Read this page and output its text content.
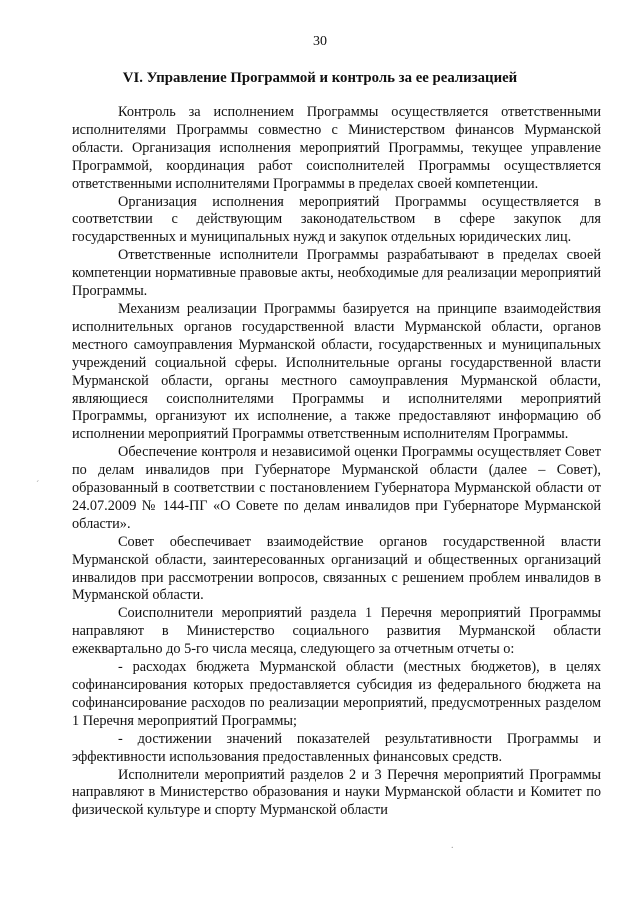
30
VI. Управление Программой и контроль за ее реализацией

Контроль за исполнением Программы осуществляется ответственными исполнителями Программы совместно с Министерством финансов Мурманской области. Организация исполнения мероприятий Программы, текущее управление Программой, координация работ соисполнителей Программы осуществляется ответственными исполнителями Программы в пределах своей компетенции.

Организация исполнения мероприятий Программы осуществляется в соответствии с действующим законодательством в сфере закупок для государственных и муниципальных нужд и закупок отдельных юридических лиц.

Ответственные исполнители Программы разрабатывают в пределах своей компетенции нормативные правовые акты, необходимые для реализации мероприятий Программы.

Механизм реализации Программы базируется на принципе взаимодействия исполнительных органов государственной власти Мурманской области, органов местного самоуправления Мурманской области, государственных и муниципальных учреждений социальной сферы. Исполнительные органы государственной власти Мурманской области, органы местного самоуправления Мурманской области, являющиеся соисполнителями Программы и исполнителями мероприятий Программы, организуют их исполнение, а также предоставляют информацию об исполнении мероприятий Программы ответственным исполнителям Программы.

Обеспечение контроля и независимой оценки Программы осуществляет Совет по делам инвалидов при Губернаторе Мурманской области (далее – Совет), образованный в соответствии с постановлением Губернатора Мурманской области от 24.07.2009 № 144-ПГ «О Совете по делам инвалидов при Губернаторе Мурманской области».

Совет обеспечивает взаимодействие органов государственной власти Мурманской области, заинтересованных организаций и общественных организаций инвалидов при рассмотрении вопросов, связанных с решением проблем инвалидов в Мурманской области.

Соисполнители мероприятий раздела 1 Перечня мероприятий Программы направляют в Министерство социального развития Мурманской области ежеквартально до 5-го числа месяца, следующего за отчетным отчеты о:

- расходах бюджета Мурманской области (местных бюджетов), в целях софинансирования которых предоставляется субсидия из федерального бюджета на софинансирование расходов по реализации мероприятий, предусмотренных разделом 1 Перечня мероприятий Программы;

- достижении значений показателей результативности Программы и эффективности использования предоставленных финансовых средств.

Исполнители мероприятий разделов 2 и 3 Перечня мероприятий Программы направляют в Министерство образования и науки Мурманской области и Комитет по физической культуре и спорту Мурманской области

ˊ
.
